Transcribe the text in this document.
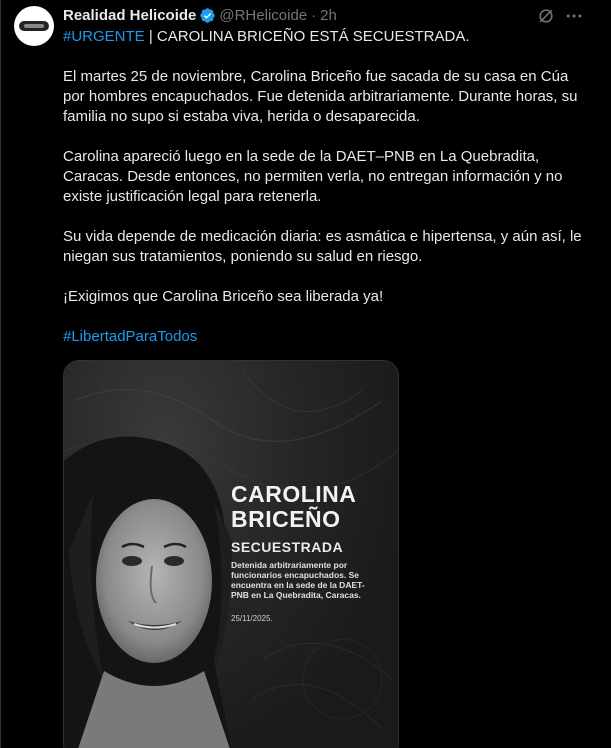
Realidad Helicoide @RHelicoide · 2h

#URGENTE | CAROLINA BRICEÑO ESTÁ SECUESTRADA.

El martes 25 de noviembre, Carolina Briceño fue sacada de su casa en Cúa por hombres encapuchados. Fue detenida arbitrariamente. Durante horas, su familia no supo si estaba viva, herida o desaparecida.

Carolina apareció luego en la sede de la DAET–PNB en La Quebradita, Caracas. Desde entonces, no permiten verla, no entregan información y no existe justificación legal para retenerla.

Su vida depende de medicación diaria: es asmática e hipertensa, y aún así, le niegan sus tratamientos, poniendo su salud en riesgo.

¡Exigimos que Carolina Briceño sea liberada ya!

#LibertadParaTodos

CAROLINA
BRICEÑO
SECUESTRADA
Detenida arbitrariamente por funcionarios encapuchados. Se encuentra en la sede de la DAET-PNB en La Quebradita, Caracas.
25/11/2025.
